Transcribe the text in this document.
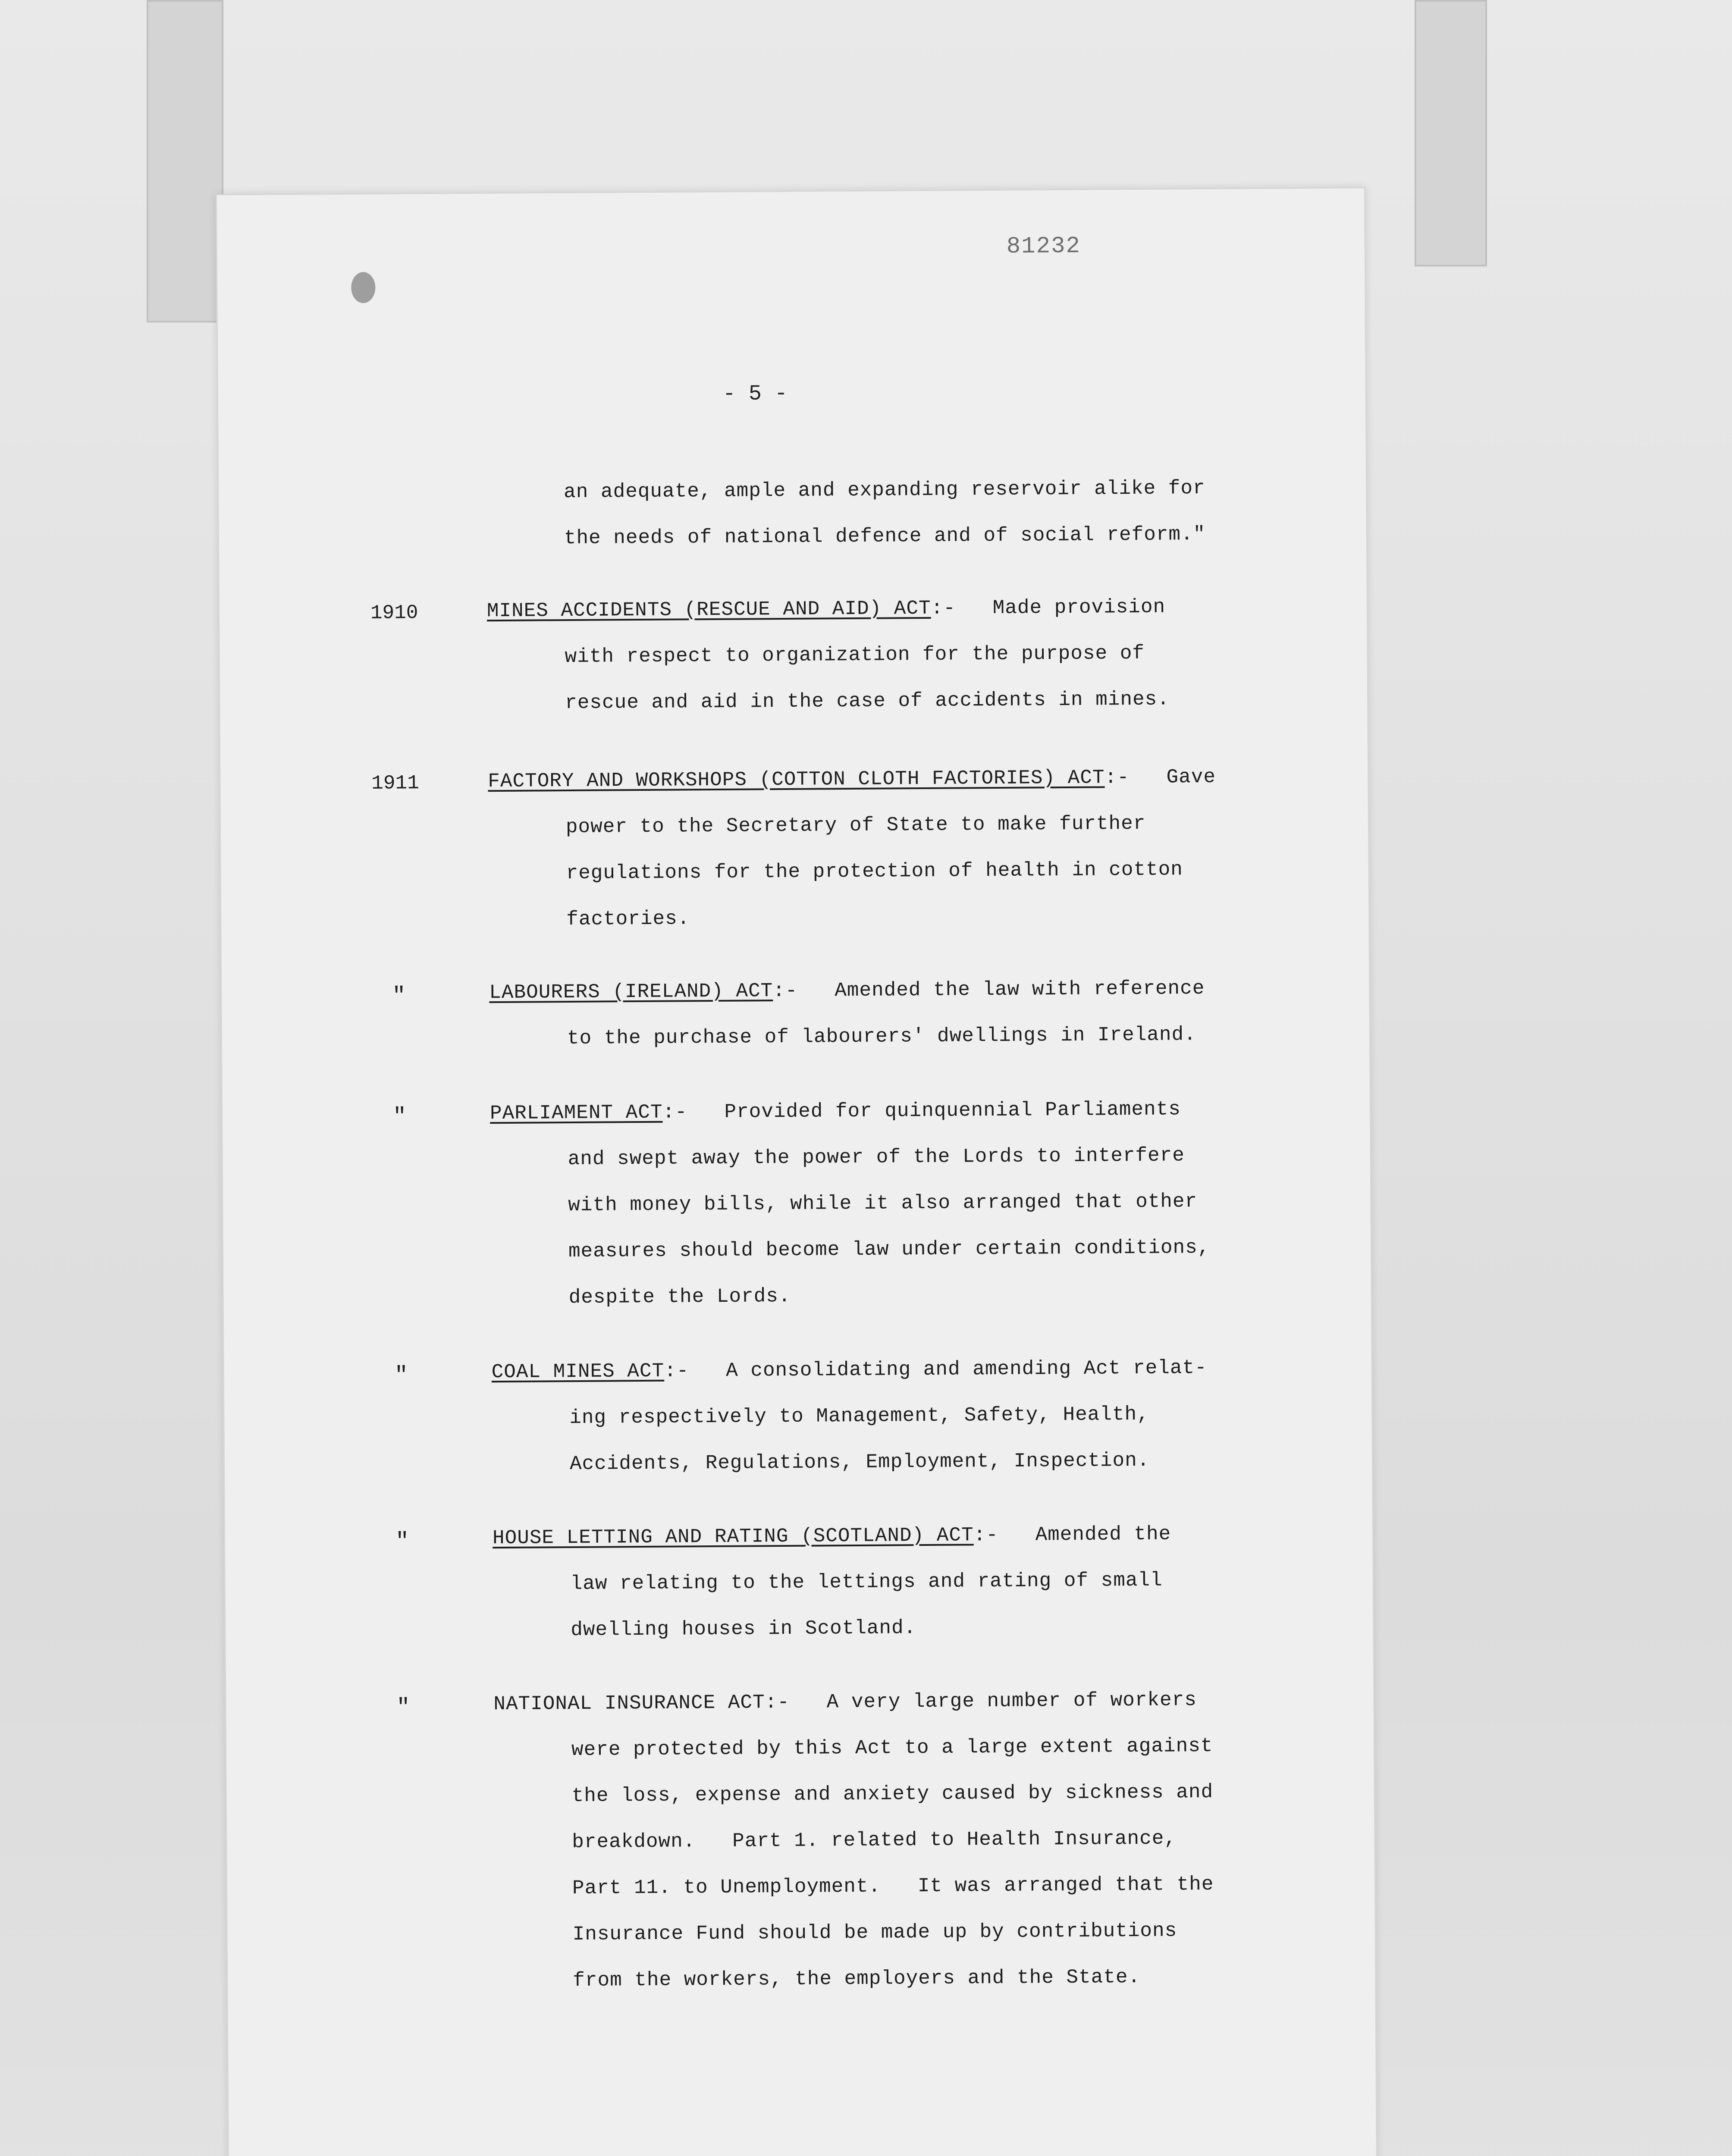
81232
- 5 -
an adequate, ample and expanding reservoir alike for
the needs of national defence and of social reform."
1910	MINES ACCIDENTS (RESCUE AND AID) ACT:-   Made provision
with respect to organization for the purpose of
rescue and aid in the case of accidents in mines.
1911	FACTORY AND WORKSHOPS (COTTON CLOTH FACTORIES) ACT:-   Gave
power to the Secretary of State to make further
regulations for the protection of health in cotton
factories.
"	LABOURERS (IRELAND) ACT:-   Amended the law with reference
to the purchase of labourers' dwellings in Ireland.
"	PARLIAMENT ACT:-   Provided for quinquennial Parliaments
and swept away the power of the Lords to interfere
with money bills, while it also arranged that other
measures should become law under certain conditions,
despite the Lords.
"	COAL MINES ACT:-   A consolidating and amending Act relat-
ing respectively to Management, Safety, Health,
Accidents, Regulations, Employment, Inspection.
"	HOUSE LETTING AND RATING (SCOTLAND) ACT:-   Amended the
law relating to the lettings and rating of small
dwelling houses in Scotland.
"	NATIONAL INSURANCE ACT:-   A very large number of workers
were protected by this Act to a large extent against
the loss, expense and anxiety caused by sickness and
breakdown.   Part 1. related to Health Insurance,
Part 11. to Unemployment.   It was arranged that the
Insurance Fund should be made up by contributions
from the workers, the employers and the State.
